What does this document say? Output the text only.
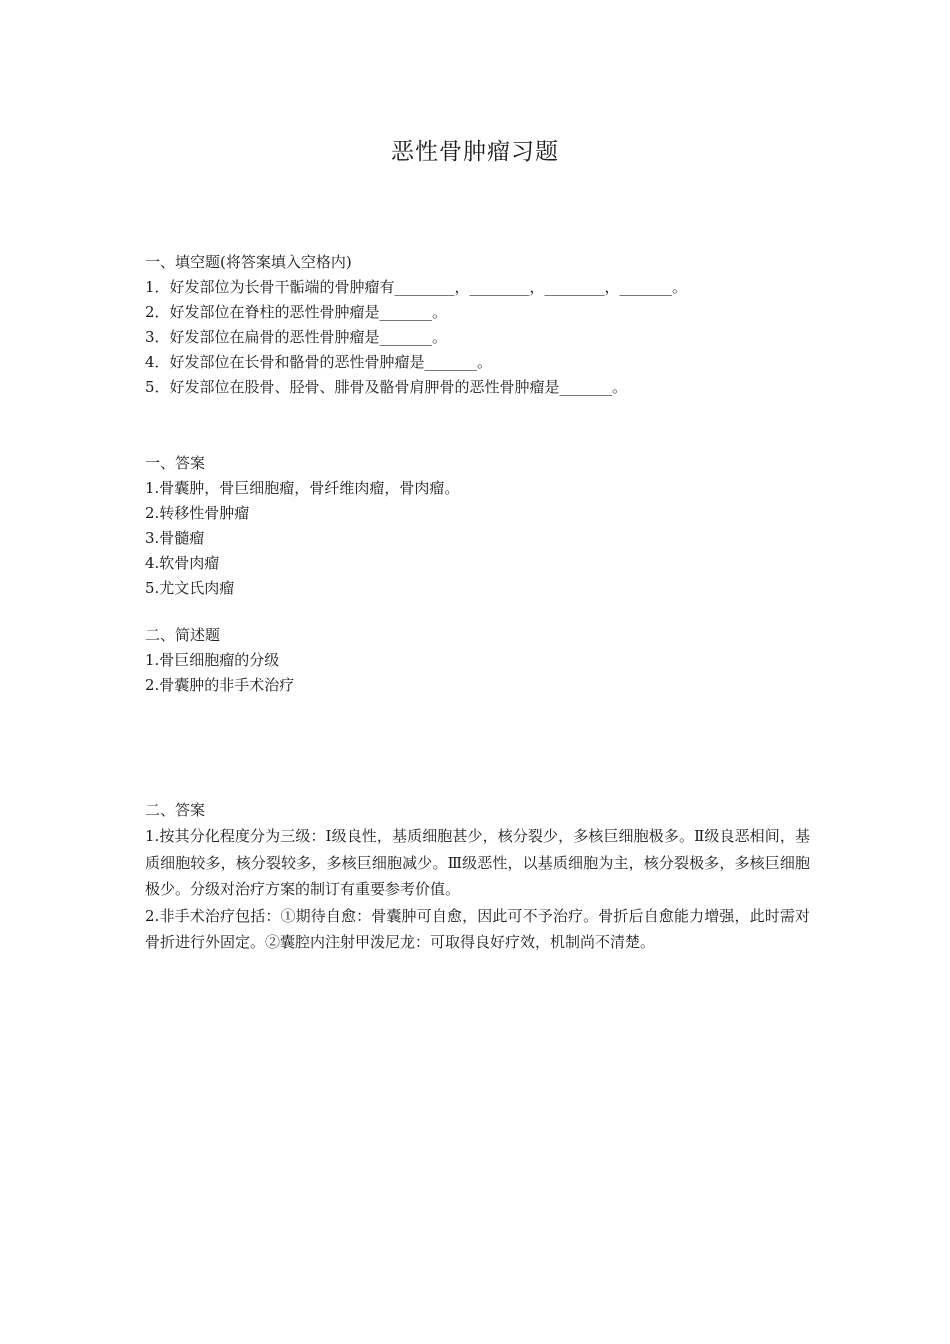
恶性骨肿瘤习题
一、填空题(将答案填入空格内)
1．好发部位为长骨干骺端的骨肿瘤有________，________，________，_______。
2．好发部位在脊柱的恶性骨肿瘤是_______。
3．好发部位在扁骨的恶性骨肿瘤是_______。
4．好发部位在长骨和骼骨的恶性骨肿瘤是_______。
5．好发部位在股骨、胫骨、腓骨及骼骨肩胛骨的恶性骨肿瘤是_______。
一、答案
1.骨囊肿，骨巨细胞瘤，骨纤维肉瘤，骨肉瘤。
2.转移性骨肿瘤
3.骨髓瘤
4.软骨肉瘤
5.尤文氏肉瘤
二、简述题
1.骨巨细胞瘤的分级
2.骨囊肿的非手术治疗
二、答案
1.按其分化程度分为三级：Ⅰ级良性，基质细胞甚少，核分裂少，多核巨细胞极多。Ⅱ级良恶相间，基质细胞较多，核分裂较多，多核巨细胞减少。Ⅲ级恶性，以基质细胞为主，核分裂极多，多核巨细胞极少。分级对治疗方案的制订有重要参考价值。
2.非手术治疗包括：①期待自愈：骨囊肿可自愈，因此可不予治疗。骨折后自愈能力增强，此时需对骨折进行外固定。②囊腔内注射甲泼尼龙：可取得良好疗效，机制尚不清楚。
